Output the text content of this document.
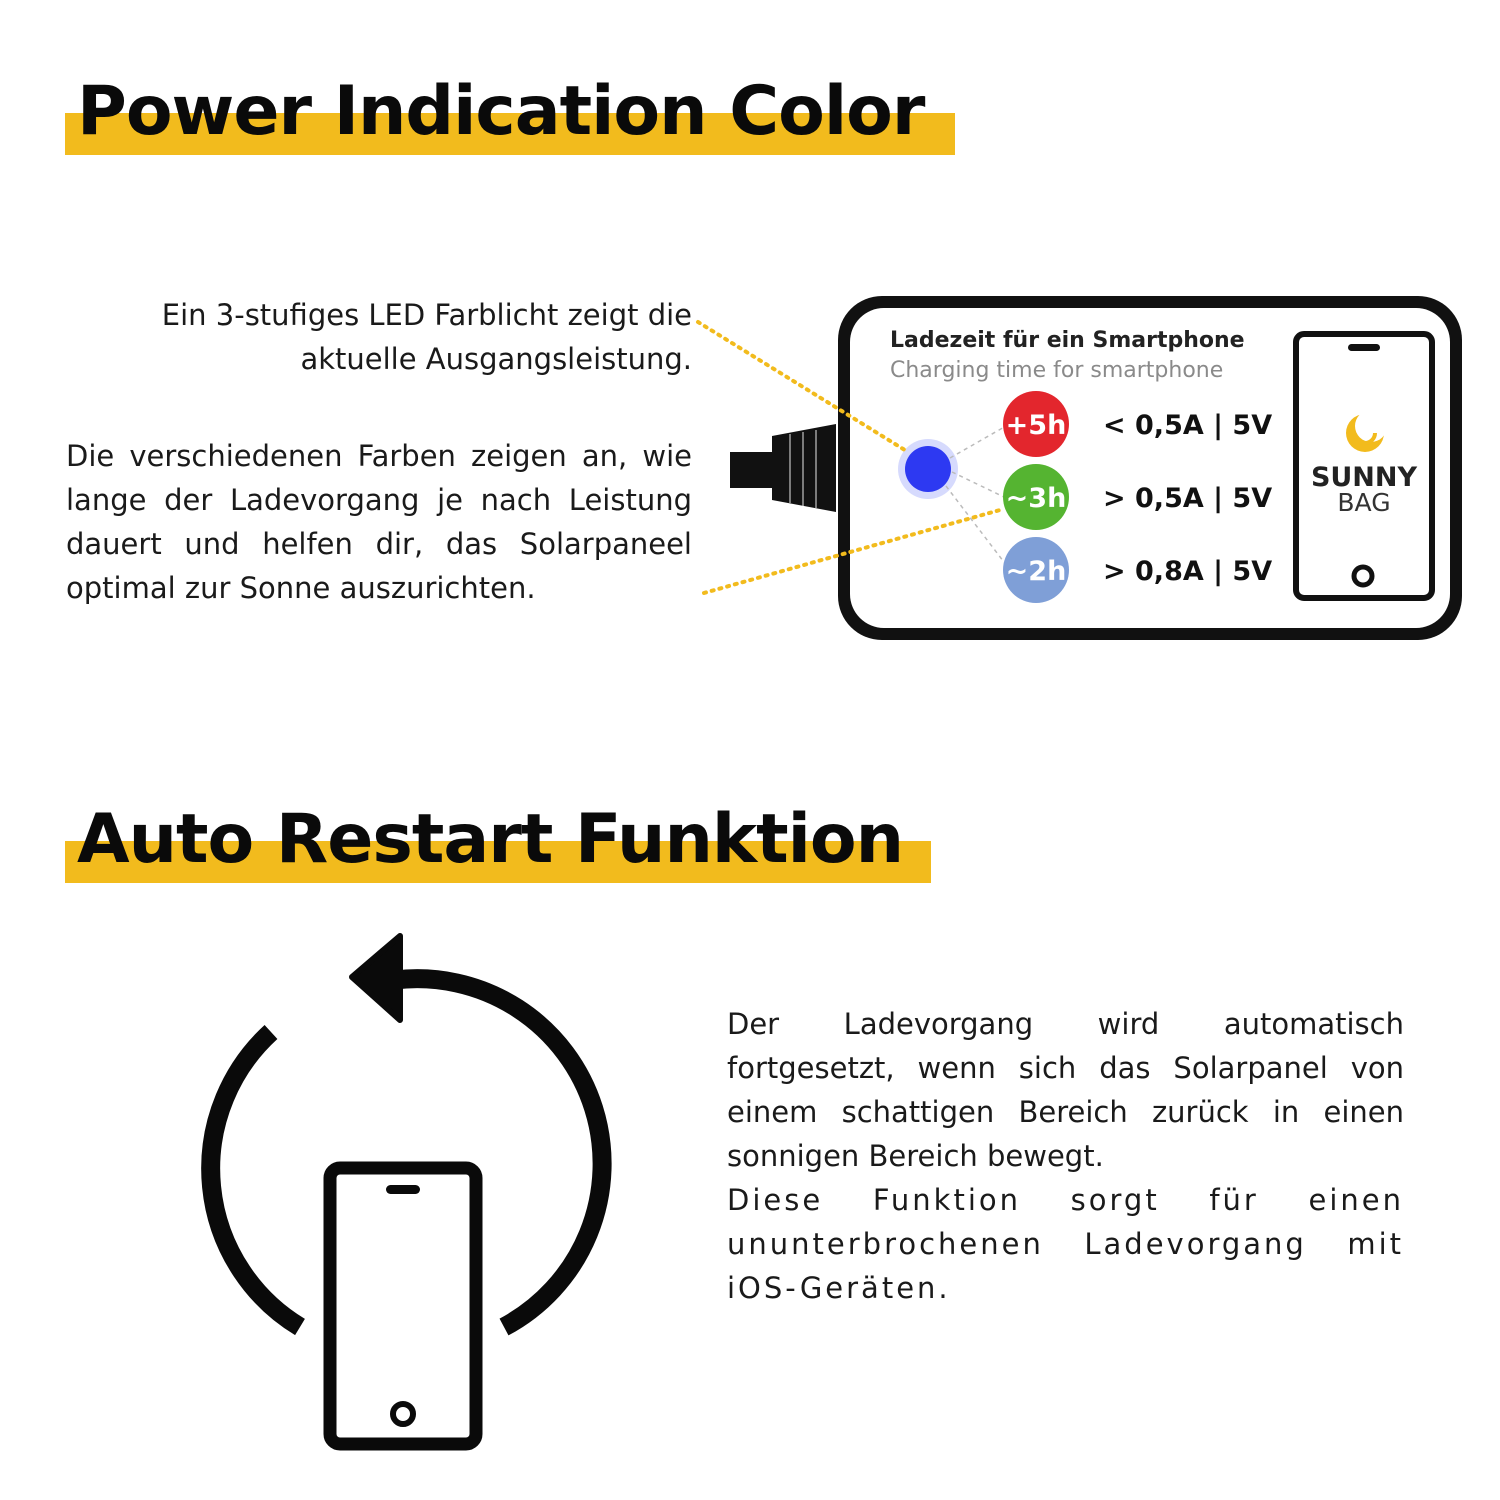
Power Indication Color

Ein 3-stufiges LED Farblicht zeigt die aktuelle Ausgangsleistung.

Die verschiedenen Farben zeigen an, wie lange der Ladevorgang je nach Leistung dauert und helfen dir, das Solarpaneel optimal zur Sonne auszurichten.

Ladezeit für ein Smartphone
Charging time for smartphone
+5h < 0,5A | 5V
~3h > 0,5A | 5V
~2h > 0,8A | 5V
SUNNY
BAG
Auto Restart Funktion

Der Ladevorgang wird automatisch fortgesetzt, wenn sich das Solarpanel von einem schattigen Bereich zurück in einen sonnigen Bereich bewegt.

Diese Funktion sorgt für einen ununterbrochenen Ladevorgang mit iOS-Geräten.
